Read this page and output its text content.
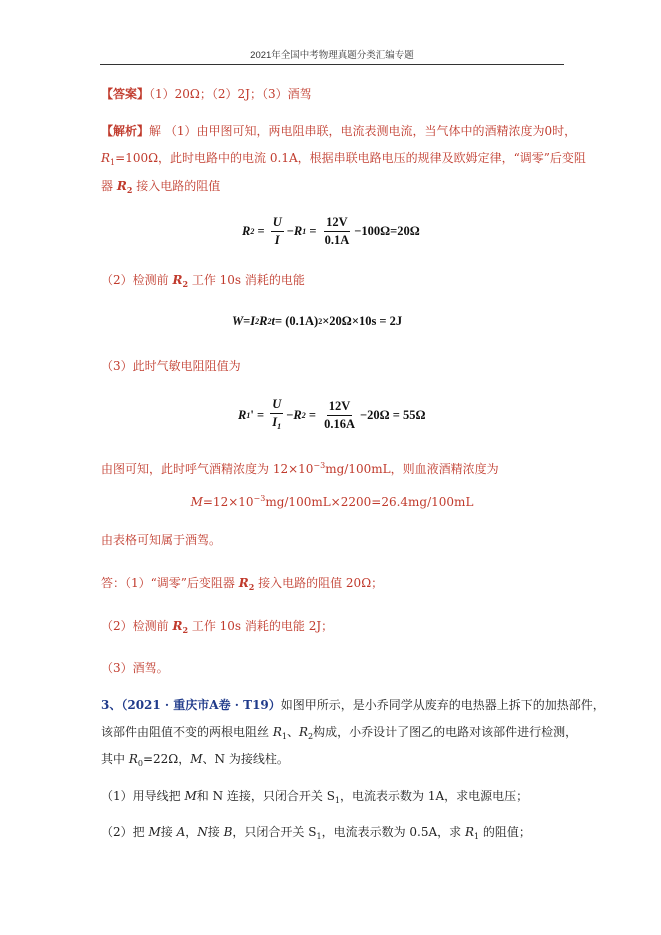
2021年全国中考物理真题分类汇编专题
【答案】（1）20Ω；（2）2J；（3）酒驾
【解析】解 （1）由甲图可知，两电阻串联，电流表测电流，当气体中的酒精浓度为0时，
$R_1=100\Omega$，此时电路中的电流 0.1A，根据串联电路电压的规律及欧姆定律，“调零”后变阻
器 $R_2$ 接入电路的阻值
R $2 = \frac{U}{I} - R$ $1 = \frac{12V}{0.1A} -100\Omega=20\Omega$
（2）检测前 $R_2$ 工作 10s 消耗的电能
W = I 2 R 2 t = (0.1A) 2 ×20Ω×10s = 2J
（3）此时气敏电阻阻值为
R 1 ' = $\frac{U}{I_1} - R$ $2 = \frac{12V}{0.16A} -20\Omega = 55\Omega$
由图可知，此时呼气酒精浓度为 $12\times 10^{-3}mg/100mL$，则血液酒精浓度为
$M=12\times 10^{-3}mg/100mL\times 2200=26.4mg/100mL$
由表格可知属于酒驾。
答：（1）“调零”后变阻器 $R_2$ 接入电路的阻值 20Ω；
（2）检测前 $R_2$ 工作 10s 消耗的电能 2J；
（3）酒驾。
3、（2021 · 重庆市A卷 · T19）如图甲所示，是小乔同学从废弃的电热器上拆下的加热部件，
该部件由阻值不变的两根电阻丝 $R_1$、$R_2$构成，小乔设计了图乙的电路对该部件进行检测，
其中 $R_0=22\Omega$，M、N 为接线柱。
（1）用导线把 M和 N 连接，只闭合开关 $S_1$，电流表示数为 1A，求电源电压；
（2）把 M接 A，N接 B，只闭合开关 $S_1$，电流表示数为 0.5A，求 $R_1$ 的阻值；
